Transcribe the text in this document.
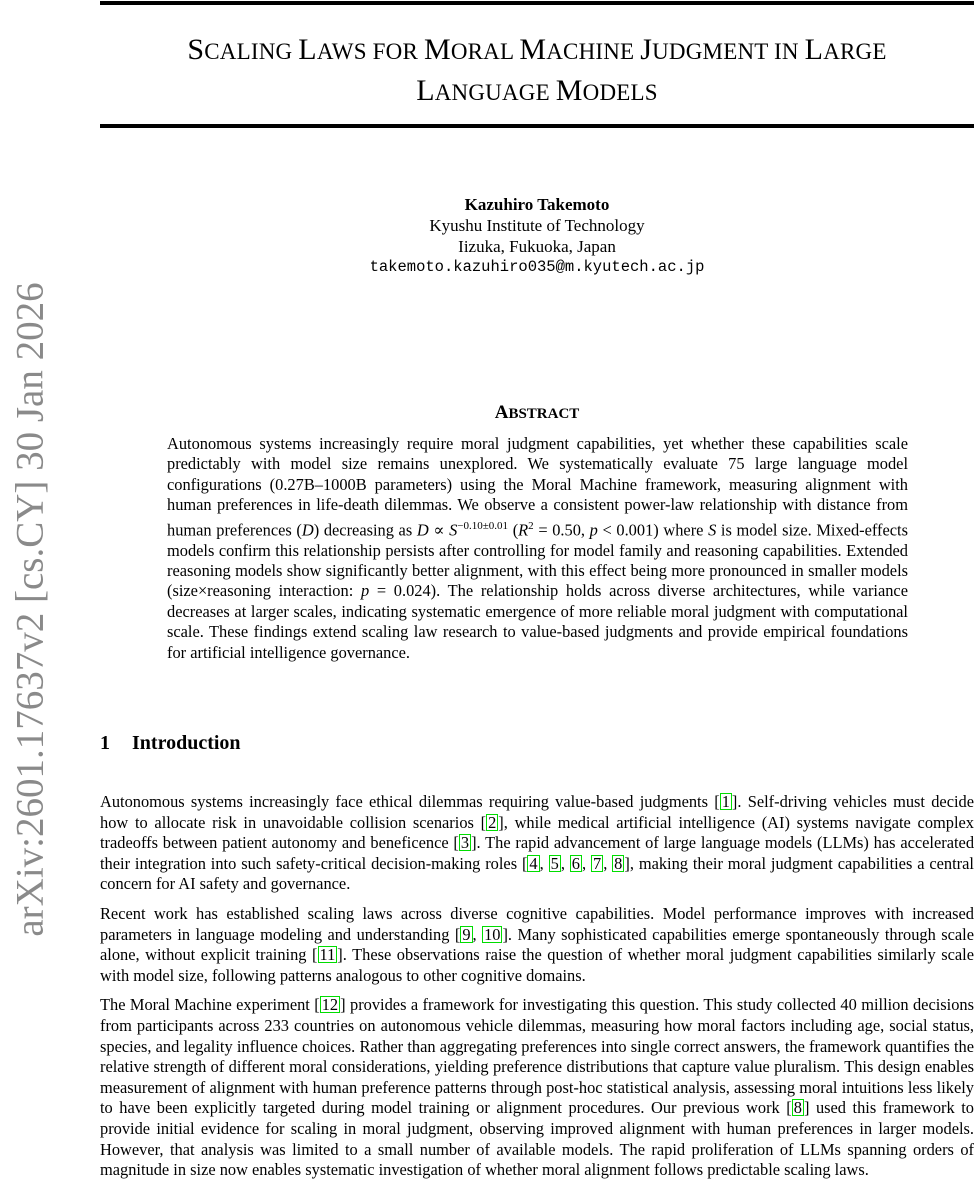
arXiv:2601.17637v2 [cs.CY] 30 Jan 2026
SCALING LAWS FOR MORAL MACHINE JUDGMENT IN LARGE
LANGUAGE MODELS
Kazuhiro Takemoto
Kyushu Institute of Technology
Iizuka, Fukuoka, Japan
takemoto.kazuhiro035@m.kyutech.ac.jp
ABSTRACT
Autonomous systems increasingly require moral judgment capabilities, yet whether these capabilities scale predictably with model size remains unexplored. We systematically evaluate 75 large language model configurations (0.27B–1000B parameters) using the Moral Machine framework, measuring alignment with human preferences in life-death dilemmas. We observe a consistent power-law relationship with distance from human preferences (D) decreasing as $D \propto S^{-0.10\pm 0.01}$ ($R^2 = 0.50$, p < 0.001) where S is model size. Mixed-effects models confirm this relationship persists after controlling for model family and reasoning capabilities. Extended reasoning models show significantly better alignment, with this effect being more pronounced in smaller models (size×reasoning interaction: p = 0.024). The relationship holds across diverse architectures, while variance decreases at larger scales, indicating systematic emergence of more reliable moral judgment with computational scale. These findings extend scaling law research to value-based judgments and provide empirical foundations for artificial intelligence governance.
1 Introduction

Autonomous systems increasingly face ethical dilemmas requiring value-based judgments [ 1 ]. Self-driving vehicles must decide how to allocate risk in unavoidable collision scenarios [ 2 ], while medical artificial intelligence (AI) systems navigate complex tradeoffs between patient autonomy and beneficence [ 3 ]. The rapid advancement of large language models (LLMs) has accelerated their integration into such safety-critical decision-making roles [ 4 , 5 , 6 , 7 , 8 ], making their moral judgment capabilities a central concern for AI safety and governance.

Recent work has established scaling laws across diverse cognitive capabilities. Model performance improves with increased parameters in language modeling and understanding [ 9 , 10 ]. Many sophisticated capabilities emerge spontaneously through scale alone, without explicit training [ 11 ]. These observations raise the question of whether moral judgment capabilities similarly scale with model size, following patterns analogous to other cognitive domains.

The Moral Machine experiment [ 12 ] provides a framework for investigating this question. This study collected 40 million decisions from participants across 233 countries on autonomous vehicle dilemmas, measuring how moral factors including age, social status, species, and legality influence choices. Rather than aggregating preferences into single correct answers, the framework quantifies the relative strength of different moral considerations, yielding preference distributions that capture value pluralism. This design enables measurement of alignment with human preference patterns through post-hoc statistical analysis, assessing moral intuitions less likely to have been explicitly targeted during model training or alignment procedures. Our previous work [ 8 ] used this framework to provide initial evidence for scaling in moral judgment, observing improved alignment with human preferences in larger models. However, that analysis was limited to a small number of available models. The rapid proliferation of LLMs spanning orders of magnitude in size now enables systematic investigation of whether moral alignment follows predictable scaling laws.
